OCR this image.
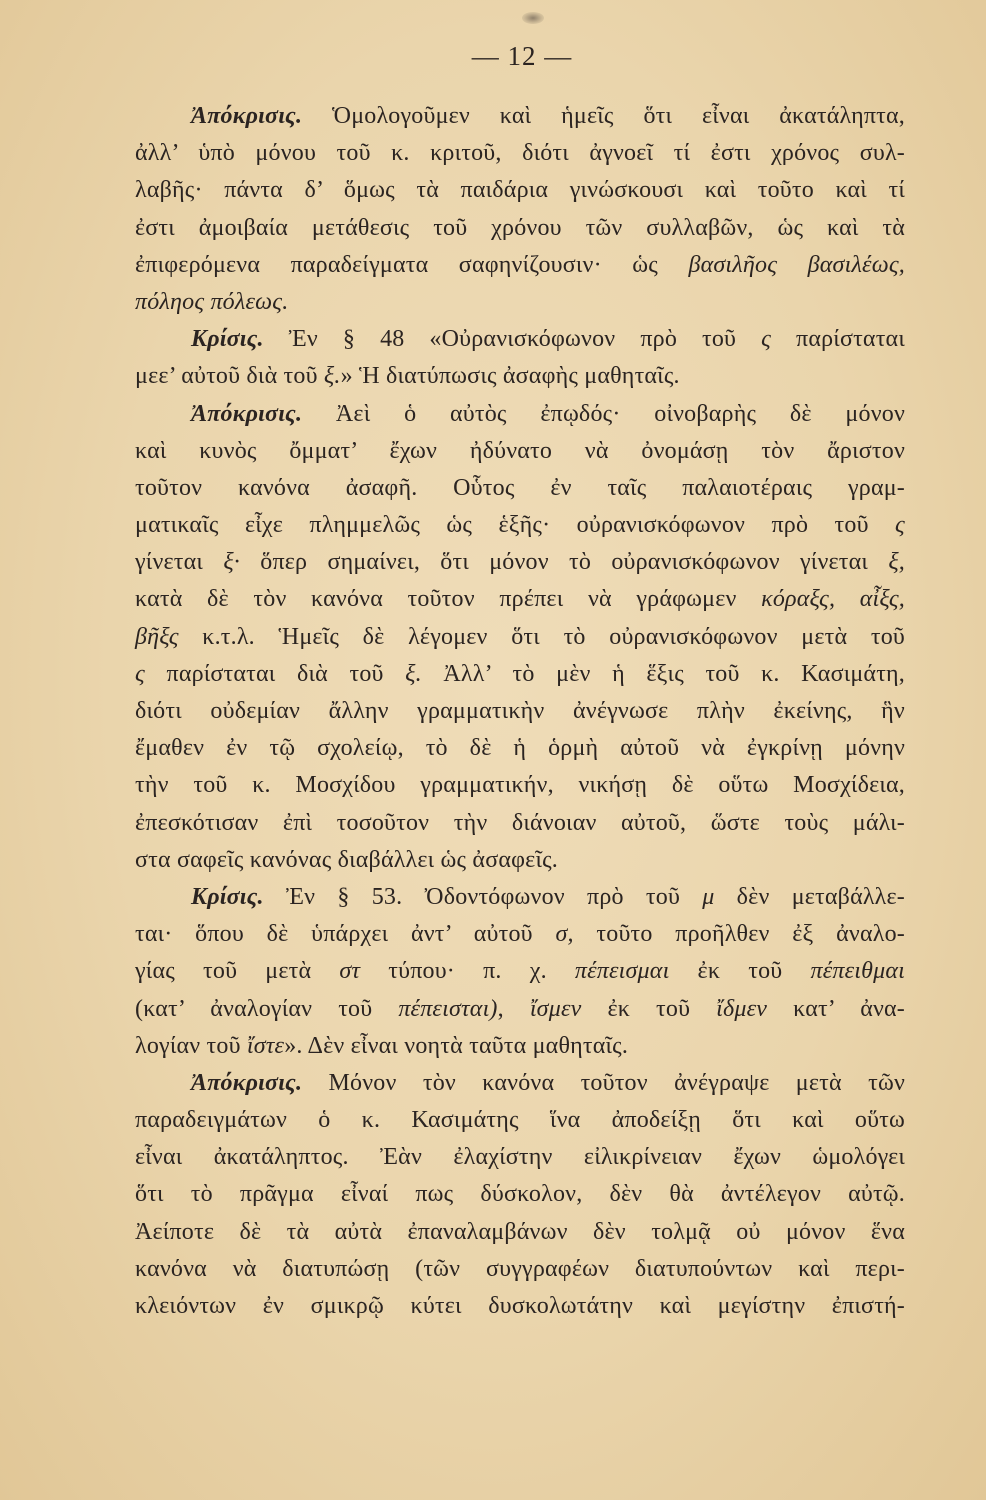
— 12 —
Ἀπόκρισις. Ὁμολογοῦμεν καὶ ἡμεῖς ὅτι εἶναι ἀκατάληπτα,
ἀλλ’ ὑπὸ μόνου τοῦ κ. κριτοῦ, διότι ἀγνοεῖ τί ἐστι χρόνος συλ-
λαβῆς· πάντα δ’ ὅμως τὰ παιδάρια γινώσκουσι καὶ τοῦτο καὶ τί
ἐστι ἀμοιβαία μετάθεσις τοῦ χρόνου τῶν συλλαβῶν, ὡς καὶ τὰ
ἐπιφερόμενα παραδείγματα σαφηνίζουσιν· ὡς βασιλῆος βασιλέως,
πόληος πόλεως.
Κρίσις. Ἐν § 48 «Οὐρανισκόφωνον πρὸ τοῦ ς παρίσταται
μεε’ αὐτοῦ διὰ τοῦ ξ.» Ἡ διατύπωσις ἀσαφὴς μαθηταῖς.
Ἀπόκρισις. Ἀεὶ ὁ αὐτὸς ἐπῳδός· οἰνοβαρὴς δὲ μόνον
καὶ κυνὸς ὄμματ’ ἔχων ἠδύνατο νὰ ὀνομάσῃ τὸν ἄριστον
τοῦτον κανόνα ἀσαφῆ. Οὗτος ἐν ταῖς παλαιοτέραις γραμ-
ματικαῖς εἶχε πλημμελῶς ὡς ἑξῆς· οὐρανισκόφωνον πρὸ τοῦ ς
γίνεται ξ· ὅπερ σημαίνει, ὅτι μόνον τὸ οὐρανισκόφωνον γίνεται ξ,
κατὰ δὲ τὸν κανόνα τοῦτον πρέπει νὰ γράφωμεν κόραξς, αἶξς,
βῆξς κ.τ.λ. Ἡμεῖς δὲ λέγομεν ὅτι τὸ οὐρανισκόφωνον μετὰ τοῦ
ς παρίσταται διὰ τοῦ ξ. Ἀλλ’ τὸ μὲν ἡ ἕξις τοῦ κ. Κασιμάτη,
διότι οὐδεμίαν ἄλλην γραμματικὴν ἀνέγνωσε πλὴν ἐκείνης, ἣν
ἔμαθεν ἐν τῷ σχολείῳ, τὸ δὲ ἡ ὁρμὴ αὐτοῦ νὰ ἐγκρίνῃ μόνην
τὴν τοῦ κ. Μοσχίδου γραμματικήν, νικήσῃ δὲ οὕτω Μοσχίδεια,
ἐπεσκότισαν ἐπὶ τοσοῦτον τὴν διάνοιαν αὐτοῦ, ὥστε τοὺς μάλι-
στα σαφεῖς κανόνας διαβάλλει ὡς ἀσαφεῖς.
Κρίσις. Ἐν § 53. Ὀδοντόφωνον πρὸ τοῦ μ δὲν μεταβάλλε-
ται· ὅπου δὲ ὑπάρχει ἀντ’ αὐτοῦ σ, τοῦτο προῆλθεν ἐξ ἀναλο-
γίας τοῦ μετὰ στ τύπου· π. χ. πέπεισμαι ἐκ τοῦ πέπειθμαι
(κατ’ ἀναλογίαν τοῦ πέπεισται), ἴσμεν ἐκ τοῦ ἴδμεν κατ’ ἀνα-
λογίαν τοῦ ἴστε». Δὲν εἶναι νοητὰ ταῦτα μαθηταῖς.
Ἀπόκρισις. Μόνον τὸν κανόνα τοῦτον ἀνέγραψε μετὰ τῶν
παραδειγμάτων ὁ κ. Κασιμάτης ἵνα ἀποδείξῃ ὅτι καὶ οὕτω
εἶναι ἀκατάληπτος. Ἐὰν ἐλαχίστην εἰλικρίνειαν ἔχων ὡμολόγει
ὅτι τὸ πρᾶγμα εἶναί πως δύσκολον, δὲν θὰ ἀντέλεγον αὐτῷ.
Ἀείποτε δὲ τὰ αὐτὰ ἐπαναλαμβάνων δὲν τολμᾷ οὐ μόνον ἕνα
κανόνα νὰ διατυπώσῃ (τῶν συγγραφέων διατυπούντων καὶ περι-
κλειόντων ἐν σμικρῷ κύτει δυσκολωτάτην καὶ μεγίστην ἐπιστή-
